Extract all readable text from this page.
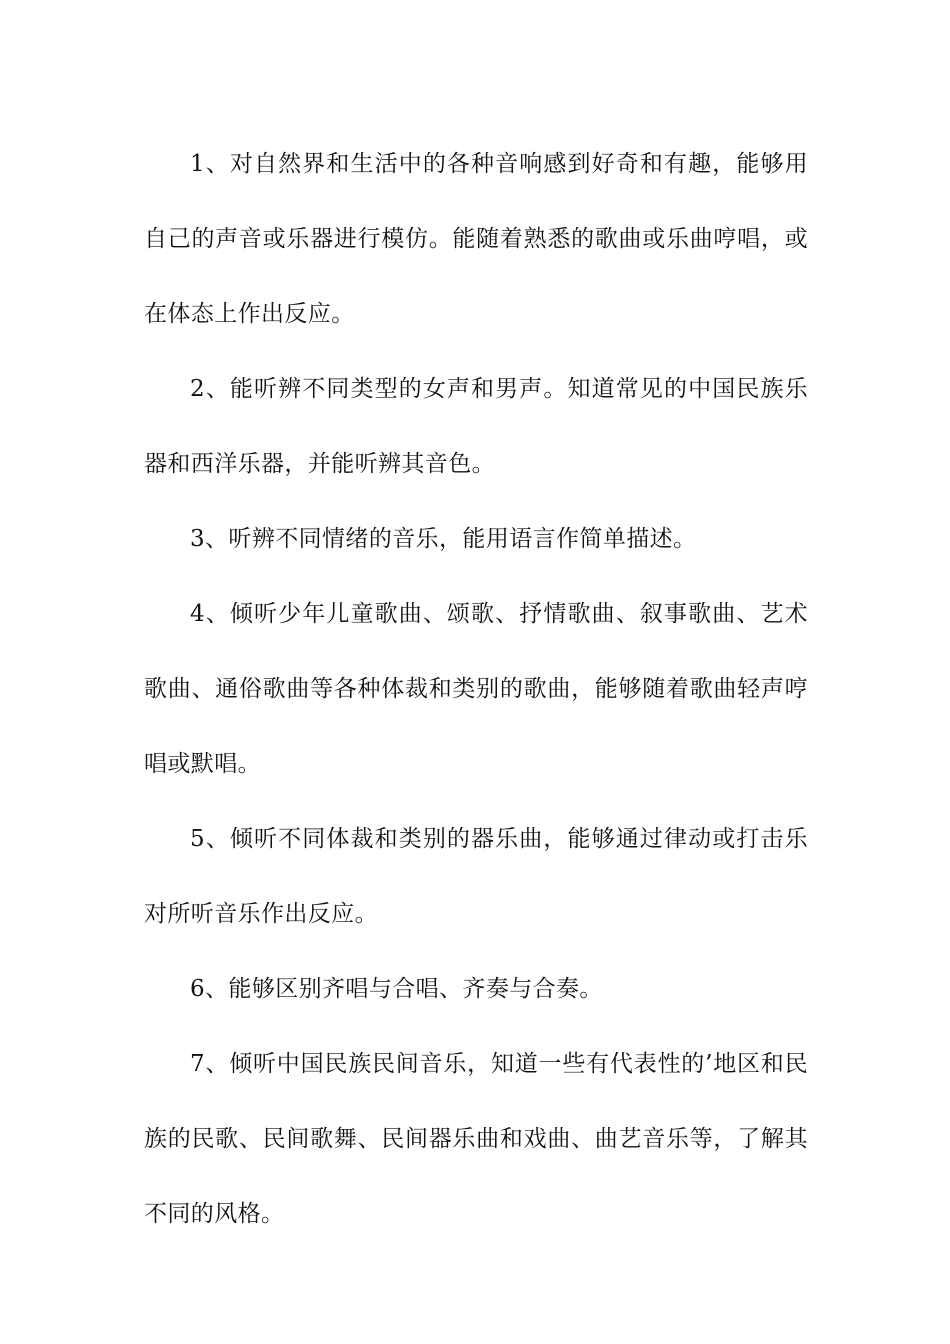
1、对自然界和生活中的各种音响感到好奇和有趣，能够用自己的声音或乐器进行模仿。能随着熟悉的歌曲或乐曲哼唱，或在体态上作出反应。

2、能听辨不同类型的女声和男声。知道常见的中国民族乐器和西洋乐器，并能听辨其音色。

3、听辨不同情绪的音乐，能用语言作简单描述。

4、倾听少年儿童歌曲、颂歌、抒情歌曲、叙事歌曲、艺术歌曲、通俗歌曲等各种体裁和类别的歌曲，能够随着歌曲轻声哼唱或默唱。

5、倾听不同体裁和类别的器乐曲，能够通过律动或打击乐对所听音乐作出反应。

6、能够区别齐唱与合唱、齐奏与合奏。

7、倾听中国民族民间音乐，知道一些有代表性的’地区和民族的民歌、民间歌舞、民间器乐曲和戏曲、曲艺音乐等，了解其不同的风格。
